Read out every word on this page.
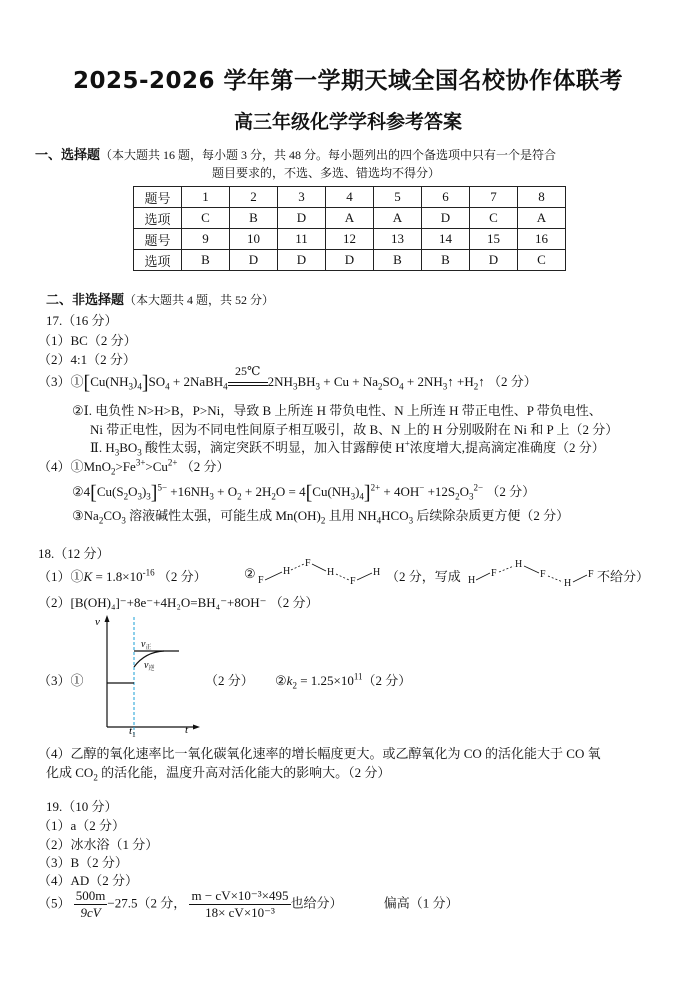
2025-2026 学年第一学期天域全国名校协作体联考
高三年级化学学科参考答案
一、选择题（本大题共 16 题，每小题 3 分，共 48 分。每小题列出的四个备选项中只有一个是符合
题目要求的，不选、多选、错选均不得分）
题号	1	2	3	4	5	6	7	8
选项	C	B	D	A	A	D	C	A
题号	9	10	11	12	13	14	15	16
选项	B	D	D	D	B	B	D	C
二、非选择题（本大题共 4 题，共 52 分）
17.（16 分）
（1）BC（2 分）
（2）4:1（2 分）
$(3)①[Cu(NH_3)_4]SO_4$ + 2NaBH$_4$
25℃
$2NH_3BH_3 + Cu + Na_2SO_4$ + $2NH_3↑$ $+H_2↑$ （2 分）
②Ⅰ. 电负性 N>H>B，P>Ni，导致 B 上所连 H 带负电性、N 上所连 H 带正电性、P 带负电性、
Ni 带正电性，因为不同电性间原子相互吸引，故 B、N 上的 H 分别吸附在 Ni 和 P 上（2 分）
Ⅱ. $H_3BO_3$ 酸性太弱，滴定突跃不明显，加入甘露醇使 H+浓度增大,提高滴定准确度（2 分）
$(4)①MnO_2>Fe^{3+}>Cu^{2+}$ （2 分）
$②4[Cu(S_2O_3)_3]^{5-} +16NH_3 + O_2 + 2H_2O = 4[Cu(NH_3)_4]^{2+} + 4OH^- +12S_2O_3^{2-}$ （2 分）
$③Na_2CO_3$ 溶液碱性太强，可能生成 $Mn(OH)_2$ 且用 $NH_4HCO_3$ 后续除杂质更方便（2 分）
18.（12 分）
（1）①K = $1.8\times 10^{-16}$ （2 分）	② F
H
F
H
F
H （2 分，写成 H
F
H
F
H
F 不给分）
（2）[B(OH)₄]⁻+8e⁻+4H₂O=BH₄⁻+8OH⁻ （2 分）
v
t
$t_1$
$v_正$
$v_逆$
（3）①	（2 分） $②k_2 = 1.25\times 10^{11}(2$ 分）
（4）乙醇的氧化速率比一氧化碳氧化速率的增长幅度更大。或乙醇氧化为 CO 的活化能大于 CO 氧
化成 $CO_2$ 的活化能，温度升高对活化能大的影响大。（2 分）
19.（10 分）
（1）a（2 分）
（2）冰水浴（1 分）
（3）B（2 分）
（4）AD（2 分）
$(5) \frac{500m}{9cV} -27.5(2$ 分， $\frac{\text{m − cV×10⁻³×495}}{\text{18× cV×10⁻³}}$ 也给分）	偏高（1 分）
